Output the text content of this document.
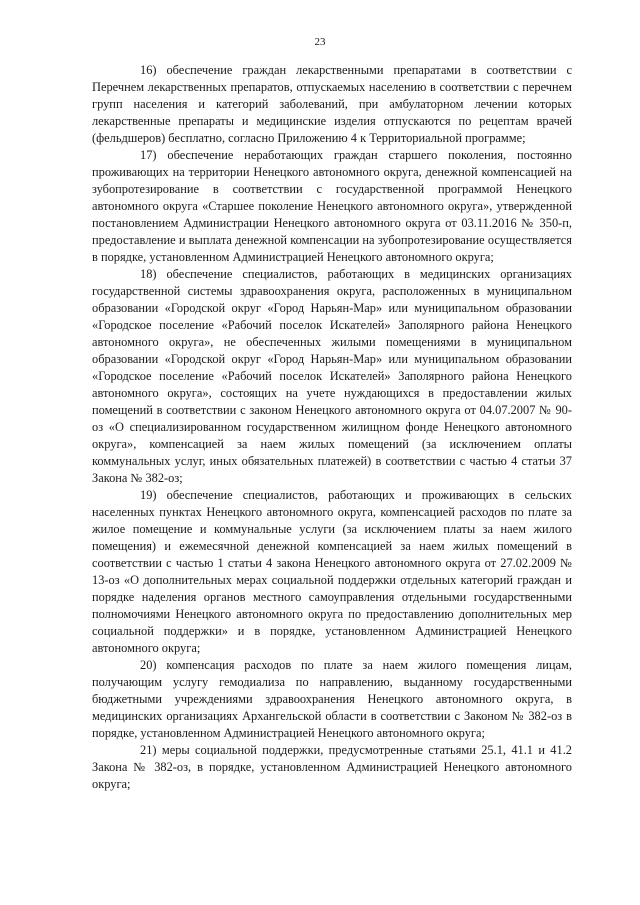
23

16) обеспечение граждан лекарственными препаратами в соответствии с Перечнем лекарственных препаратов, отпускаемых населению в соответствии с перечнем групп населения и категорий заболеваний, при амбулаторном лечении которых лекарственные препараты и медицинские изделия отпускаются по рецептам врачей (фельдшеров) бесплатно, согласно Приложению 4 к Территориальной программе;

17) обеспечение неработающих граждан старшего поколения, постоянно проживающих на территории Ненецкого автономного округа, денежной компенсацией на зубопротезирование в соответствии с государственной программой Ненецкого автономного округа «Старшее поколение Ненецкого автономного округа», утвержденной постановлением Администрации Ненецкого автономного округа от 03.11.2016 № 350-п, предоставление и выплата денежной компенсации на зубопротезирование осуществляется в порядке, установленном Администрацией Ненецкого автономного округа;

18) обеспечение специалистов, работающих в медицинских организациях государственной системы здравоохранения округа, расположенных в муниципальном образовании «Городской округ «Город Нарьян-Мар» или муниципальном образовании «Городское поселение «Рабочий поселок Искателей» Заполярного района Ненецкого автономного округа», не обеспеченных жилыми помещениями в муниципальном образовании «Городской округ «Город Нарьян-Мар» или муниципальном образовании «Городское поселение «Рабочий поселок Искателей» Заполярного района Ненецкого автономного округа», состоящих на учете нуждающихся в предоставлении жилых помещений в соответствии с законом Ненецкого автономного округа от 04.07.2007 № 90-оз «О специализированном государственном жилищном фонде Ненецкого автономного округа», компенсацией за наем жилых помещений (за исключением оплаты коммунальных услуг, иных обязательных платежей) в соответствии с частью 4 статьи 37 Закона № 382-оз;

19) обеспечение специалистов, работающих и проживающих в сельских населенных пунктах Ненецкого автономного округа, компенсацией расходов по плате за жилое помещение и коммунальные услуги (за исключением платы за наем жилого помещения) и ежемесячной денежной компенсацией за наем жилых помещений в соответствии с частью 1 статьи 4 закона Ненецкого автономного округа от 27.02.2009 № 13-оз «О дополнительных мерах социальной поддержки отдельных категорий граждан и порядке наделения органов местного самоуправления отдельными государственными полномочиями Ненецкого автономного округа по предоставлению дополнительных мер социальной поддержки» и в порядке, установленном Администрацией Ненецкого автономного округа;

20) компенсация расходов по плате за наем жилого помещения лицам, получающим услугу гемодиализа по направлению, выданному государственными бюджетными учреждениями здравоохранения Ненецкого автономного округа, в медицинских организациях Архангельской области в соответствии с Законом № 382-оз в порядке, установленном Администрацией Ненецкого автономного округа;

21) меры социальной поддержки, предусмотренные статьями 25.1, 41.1 и 41.2 Закона № 382-оз, в порядке, установленном Администрацией Ненецкого автономного округа;
